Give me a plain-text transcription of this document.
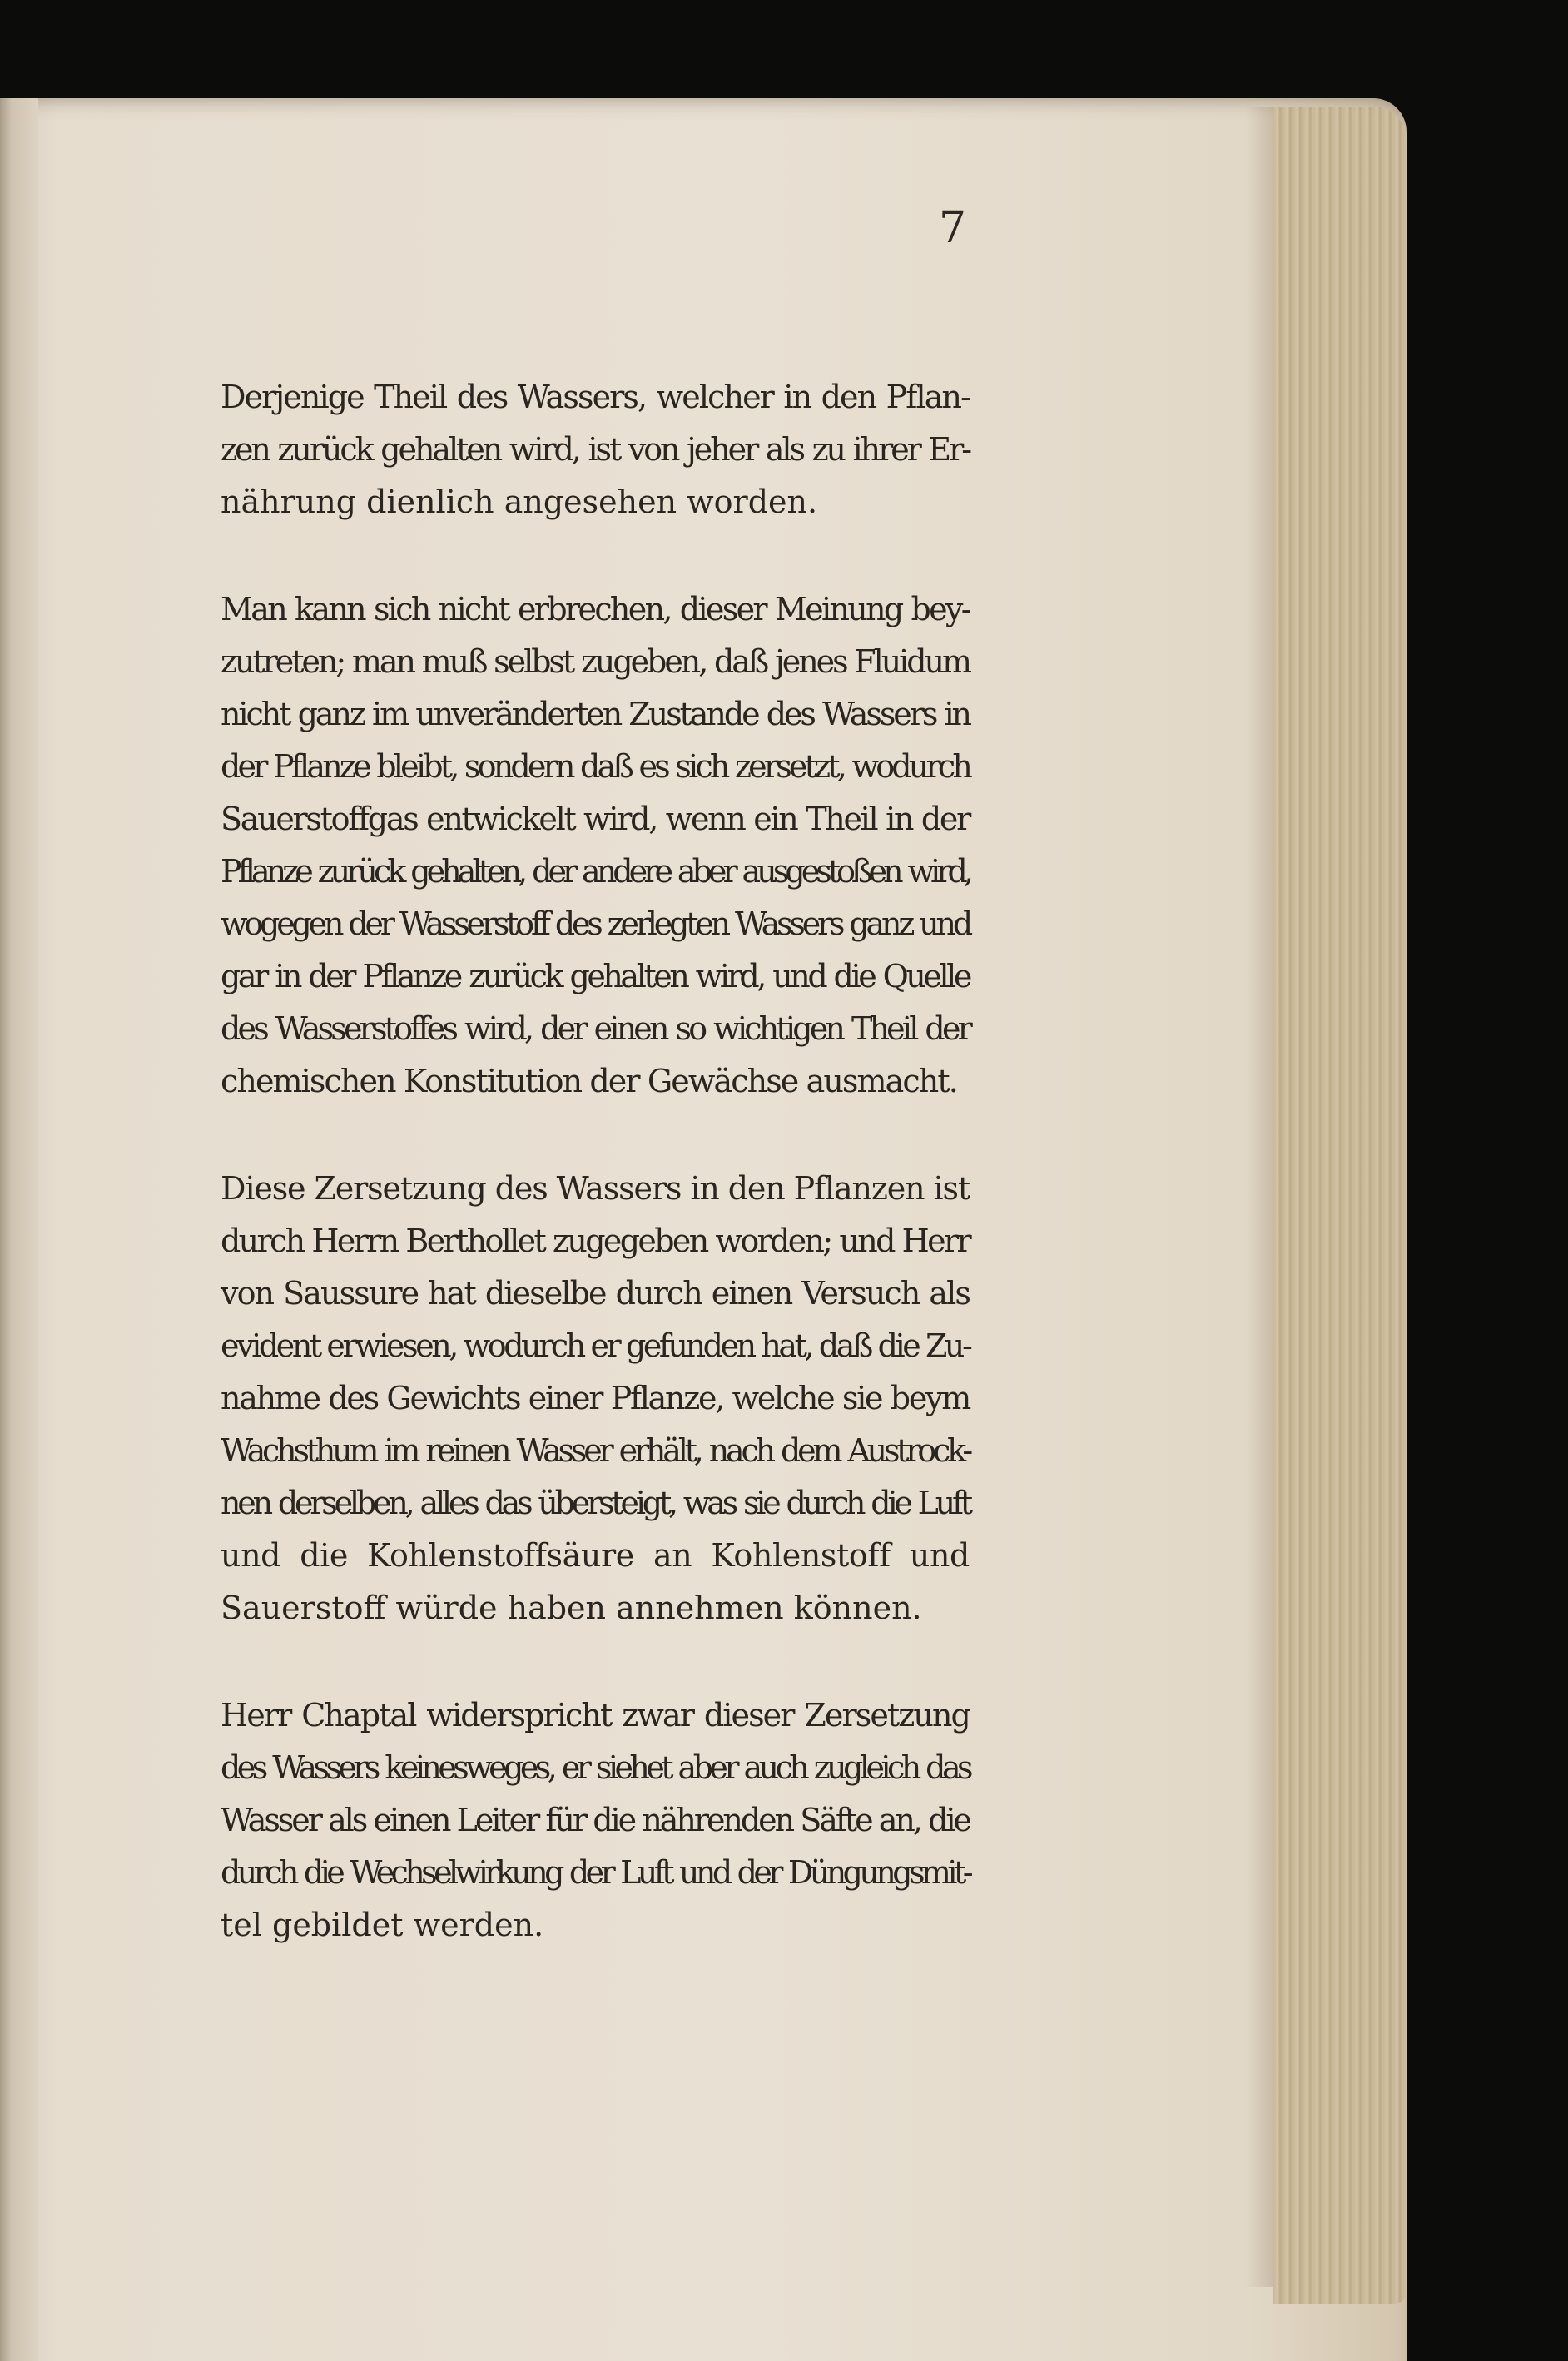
7

Derjenige Theil des Wassers, welcher in den Pflan-
zen zurück gehalten wird, ist von jeher als zu ihrer Er-
nährung dienlich angesehen worden.

Man kann sich nicht erbrechen, dieser Meinung bey-
zutreten; man muß selbst zugeben, daß jenes Fluidum
nicht ganz im unveränderten Zustande des Wassers in
der Pflanze bleibt, sondern daß es sich zersetzt, wodurch
Sauerstoffgas entwickelt wird, wenn ein Theil in der
Pflanze zurück gehalten, der andere aber ausgestoßen wird,
wogegen der Wasserstoff des zerlegten Wassers ganz und
gar in der Pflanze zurück gehalten wird, und die Quelle
des Wasserstoffes wird, der einen so wichtigen Theil der
chemischen Konstitution der Gewächse ausmacht.

Diese Zersetzung des Wassers in den Pflanzen ist
durch Herrn Berthollet zugegeben worden; und Herr
von Saussure hat dieselbe durch einen Versuch als
evident erwiesen, wodurch er gefunden hat, daß die Zu-
nahme des Gewichts einer Pflanze, welche sie beym
Wachsthum im reinen Wasser erhält, nach dem Austrock-
nen derselben, alles das übersteigt, was sie durch die Luft
und die Kohlenstoffsäure an Kohlenstoff und
Sauerstoff würde haben annehmen können.

Herr Chaptal widerspricht zwar dieser Zersetzung
des Wassers keinesweges, er siehet aber auch zugleich das
Wasser als einen Leiter für die nährenden Säfte an, die
durch die Wechselwirkung der Luft und der Düngungsmit-
tel gebildet werden.
